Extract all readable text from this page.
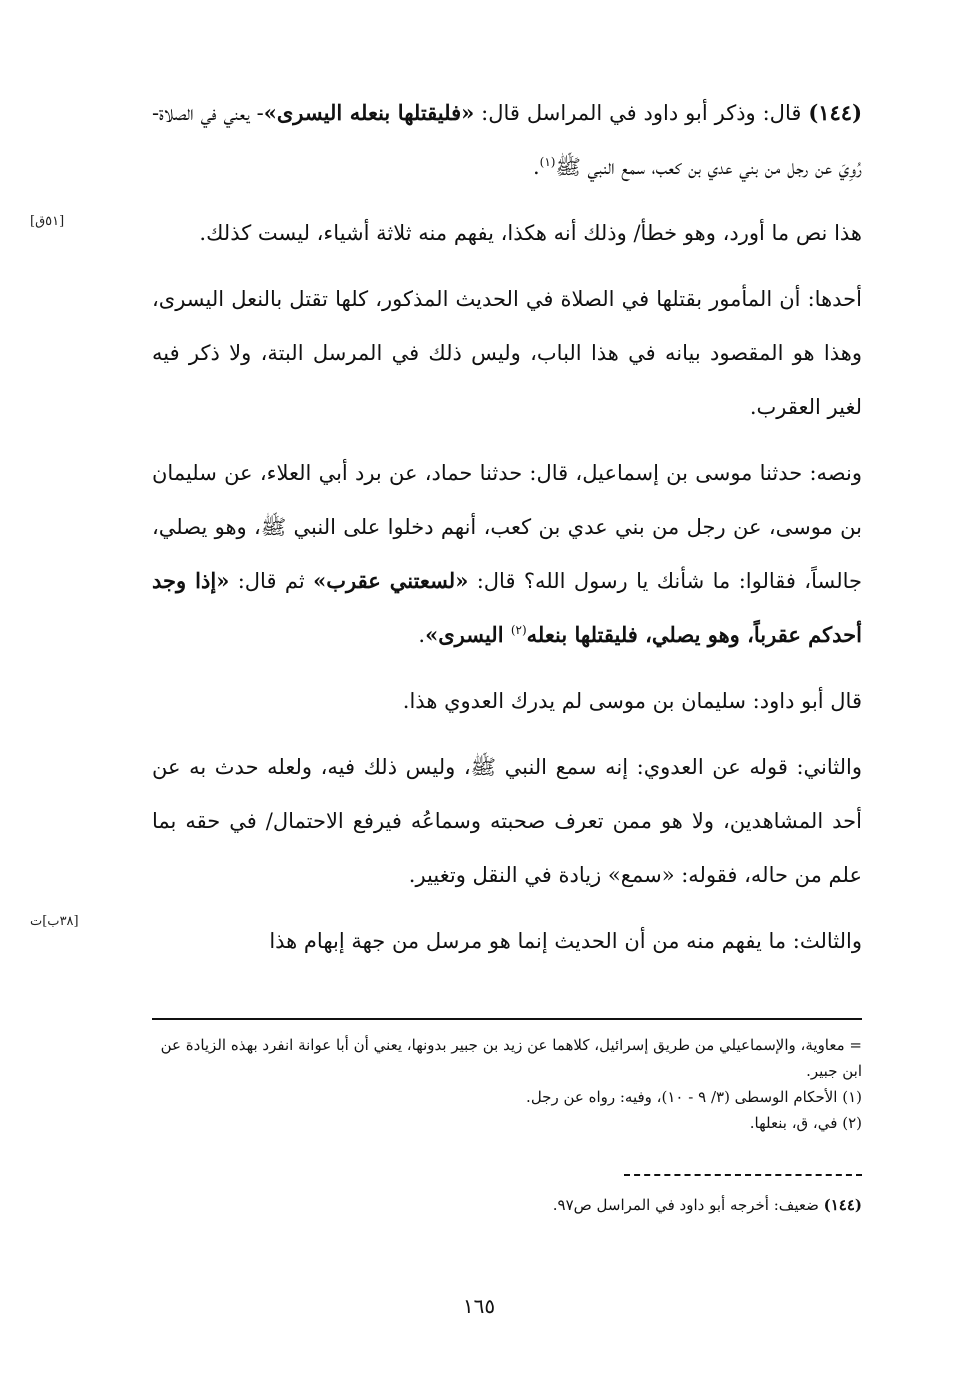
(١٤٤) قال: وذكر أبو داود في المراسل قال: «فليقتلها بنعله اليسرى»- يعني في الصلاة- رُوِيَ عن رجل من بني عدي بن كعب، سمع النبي ﷺ$^{(١)}$.

هذا نص ما أورد، وهو خطأ/ وذلك أنه هكذا، يفهم منه ثلاثة أشياء، ليست كذلك.

أحدها: أن المأمور بقتلها في الصلاة في الحديث المذكور، كلها تقتل بالنعل اليسرى، وهذا هو المقصود بيانه في هذا الباب، وليس ذلك في المرسل البتة، ولا ذكر فيه لغير العقرب.

ونصه: حدثنا موسى بن إسماعيل، قال: حدثنا حماد، عن برد أبي العلاء، عن سليمان بن موسى، عن رجل من بني عدي بن كعب، أنهم دخلوا على النبي ﷺ، وهو يصلي، جالساً، فقالوا: ما شأنك يا رسول الله؟ قال: «لسعتني عقرب» ثم قال: «إذا وجد أحدكم عقرباً، وهو يصلي، فليقتلها بنعله$^{(٢)}$ اليسرى».

قال أبو داود: سليمان بن موسى لم يدرك العدوي هذا.

والثاني: قوله عن العدوي: إنه سمع النبي ﷺ، وليس ذلك فيه، ولعله حدث به عن أحد المشاهدين، ولا هو ممن تعرف صحبته وسماعُه فيرفع الاحتمال/ في حقه بما علم من حاله، فقوله: «سمع» زيادة في النقل وتغيير.

والثالث: ما يفهم منه من أن الحديث إنما هو مرسل من جهة إبهام هذا

[٥١ق]
[٣٨ب]ت

= معاوية، والإسماعيلي من طريق إسرائيل، كلاهما عن زيد بن جبير بدونها، يعني أن أبا عوانة انفرد بهذه الزيادة عن ابن جبير.

(١) الأحكام الوسطى (٣/ ٩ - ١٠)، وفيه: رواه عن رجل.

(٢) في، ق، بنعلها.

(١٤٤) ضعيف: أخرجه أبو داود في المراسل ص٩٧.

١٦٥
